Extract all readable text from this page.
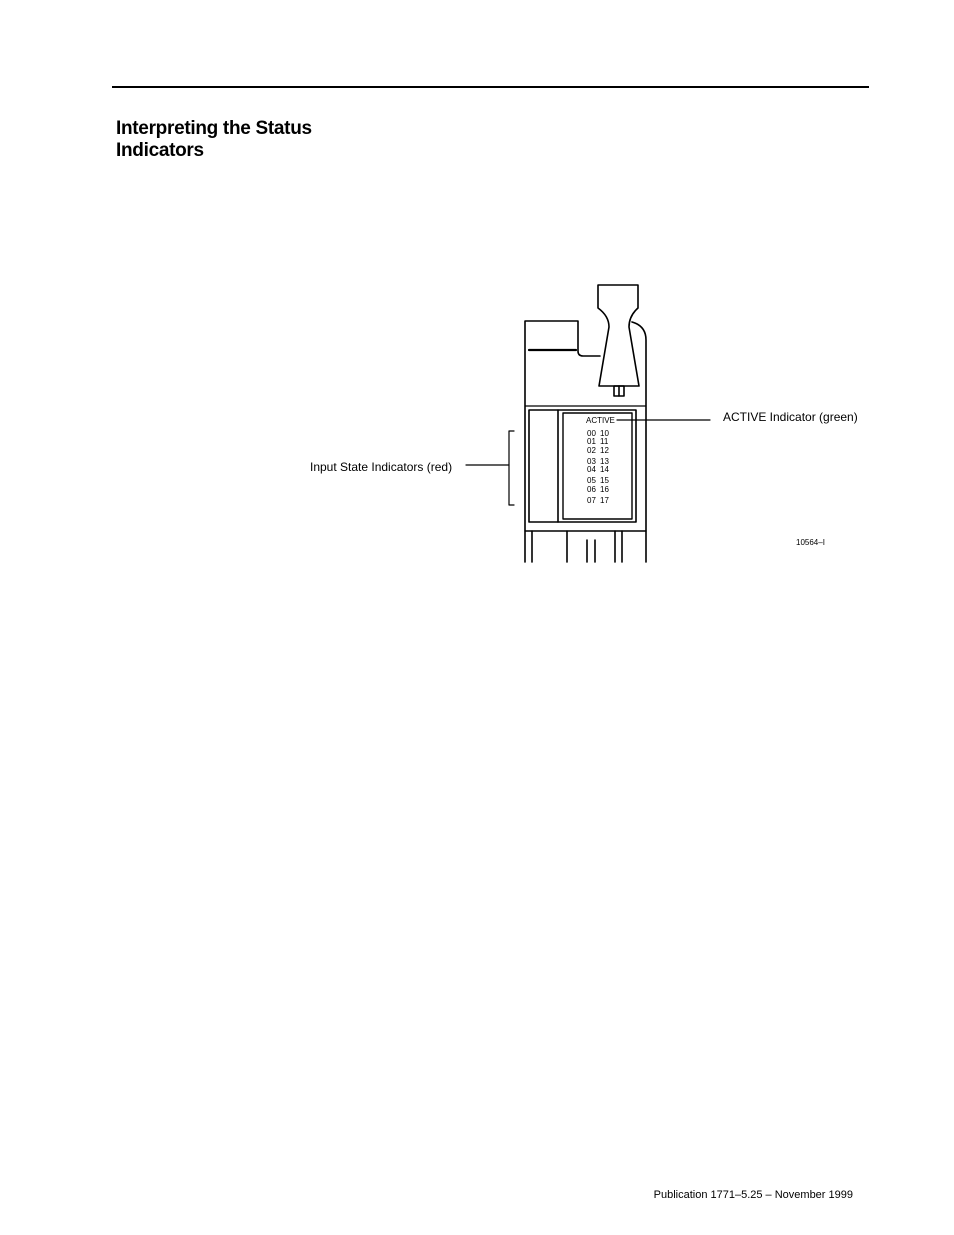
Interpreting the Status
Indicators
ACTIVE
00
01
02
03
04
05
06
07
10
11
12
13
14
15
16
17
Input State Indicators (red)
ACTIVE Indicator (green)
10564–I
Publication 1771–5.25 – November 1999
